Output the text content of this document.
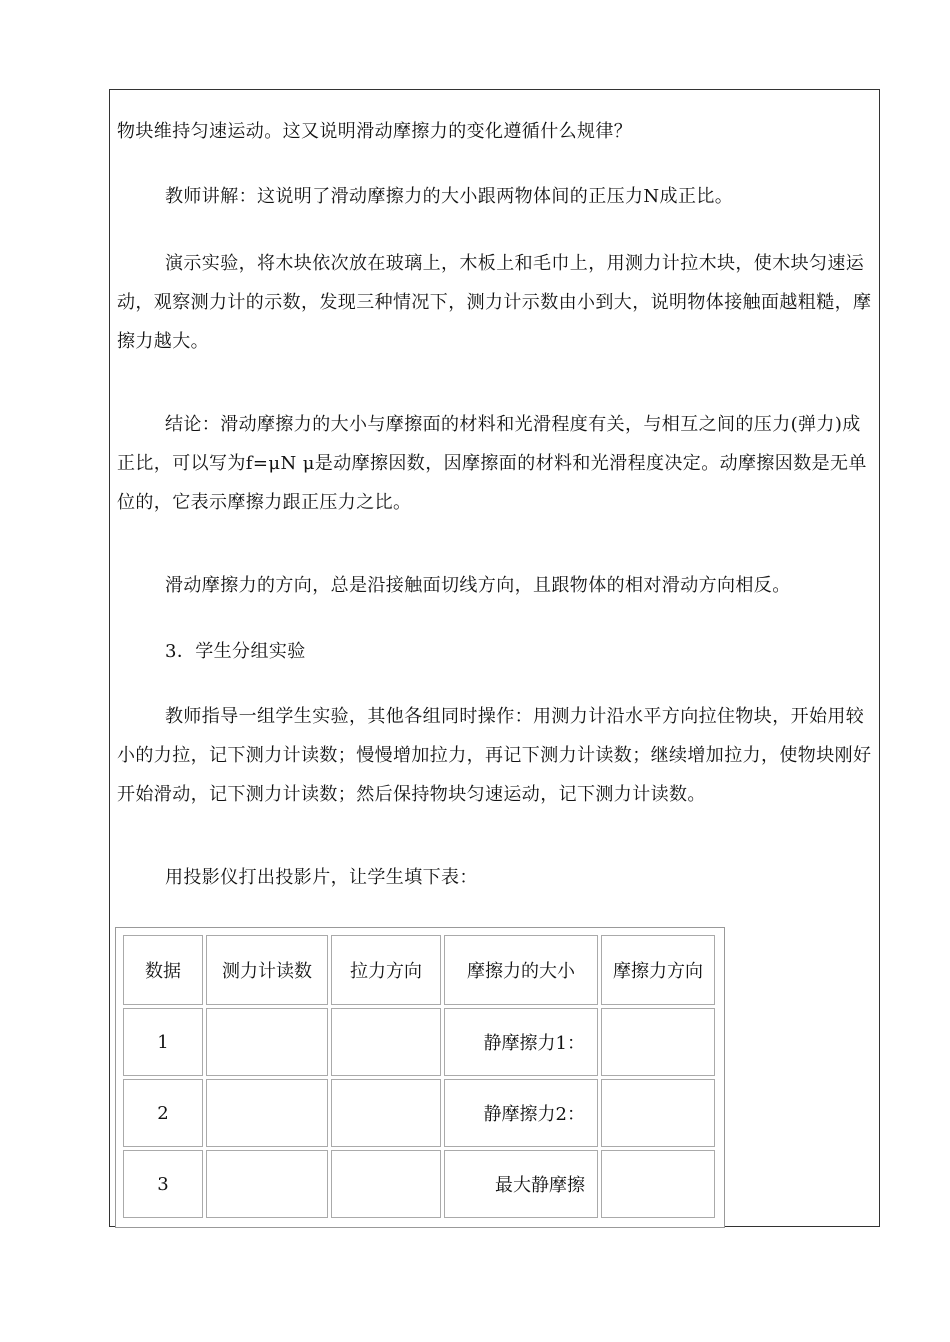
物块维持匀速运动。这又说明滑动摩擦力的变化遵循什么规律？

教师讲解：这说明了滑动摩擦力的大小跟两物体间的正压力N成正比。

演示实验，将木块依次放在玻璃上，木板上和毛巾上，用测力计拉木块，使木块匀速运动，观察测力计的示数，发现三种情况下，测力计示数由小到大，说明物体接触面越粗糙，摩擦力越大。

结论：滑动摩擦力的大小与摩擦面的材料和光滑程度有关，与相互之间的压力(弹力)成正比，可以写为f=μN μ是动摩擦因数，因摩擦面的材料和光滑程度决定。动摩擦因数是无单位的，它表示摩擦力跟正压力之比。

滑动摩擦力的方向，总是沿接触面切线方向，且跟物体的相对滑动方向相反。

3．学生分组实验

教师指导一组学生实验，其他各组同时操作：用测力计沿水平方向拉住物块，开始用较小的力拉，记下测力计读数；慢慢增加拉力，再记下测力计读数；继续增加拉力，使物块刚好开始滑动，记下测力计读数；然后保持物块匀速运动，记下测力计读数。

用投影仪打出投影片，让学生填下表：

数据	测力计读数	拉力方向	摩擦力的大小	摩擦力方向
1			静摩擦力1：	
2			静摩擦力2：	
3			最大静摩擦	
